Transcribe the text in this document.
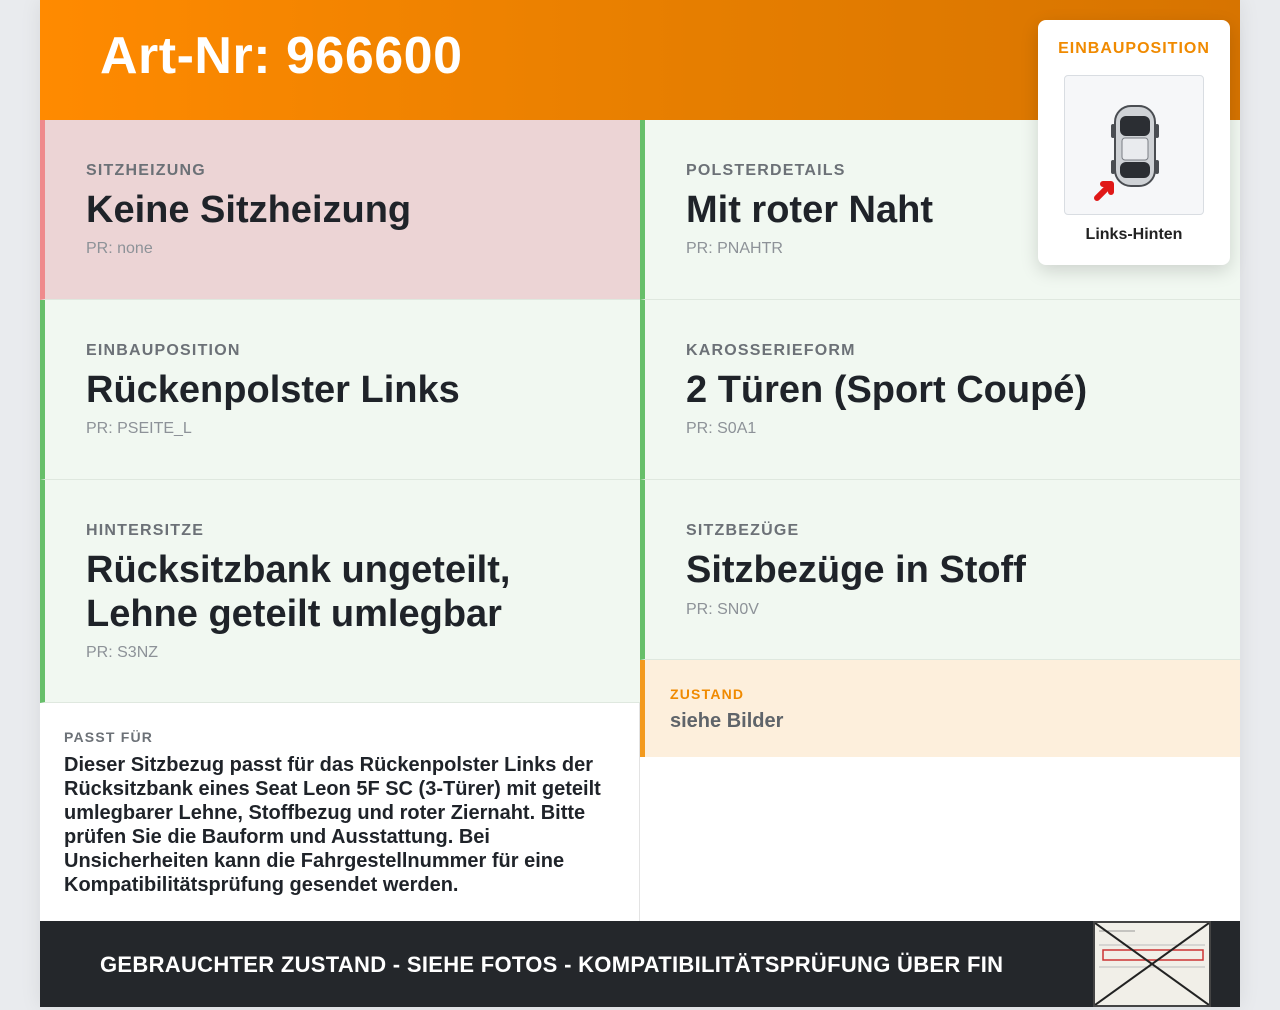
Art-Nr: 966600	EINBAUPOSITION
Links-Hinten
SITZHEIZUNG
Keine Sitzheizung
PR: none
EINBAUPOSITION
Rückenpolster Links
PR: PSEITE_L
HINTERSITZE
Rücksitzbank ungeteilt, Lehne geteilt umlegbar
PR: S3NZ
POLSTERDETAILS
Mit roter Naht
PR: PNAHTR
KAROSSERIEFORM
2 Türen (Sport Coupé)
PR: S0A1
SITZBEZÜGE
Sitzbezüge in Stoff
PR: SN0V
PASST FÜR
Dieser Sitzbezug passt für das Rückenpolster Links der Rücksitzbank eines Seat Leon 5F SC (3-Türer) mit geteilt umlegbarer Lehne, Stoffbezug und roter Ziernaht. Bitte prüfen Sie die Bauform und Ausstattung. Bei Unsicherheiten kann die Fahrgestellnummer für eine Kompatibilitätsprüfung gesendet werden.
ZUSTAND
siehe Bilder
GEBRAUCHTER ZUSTAND - SIEHE FOTOS - KOMPATIBILITÄTSPRÜFUNG ÜBER FIN
